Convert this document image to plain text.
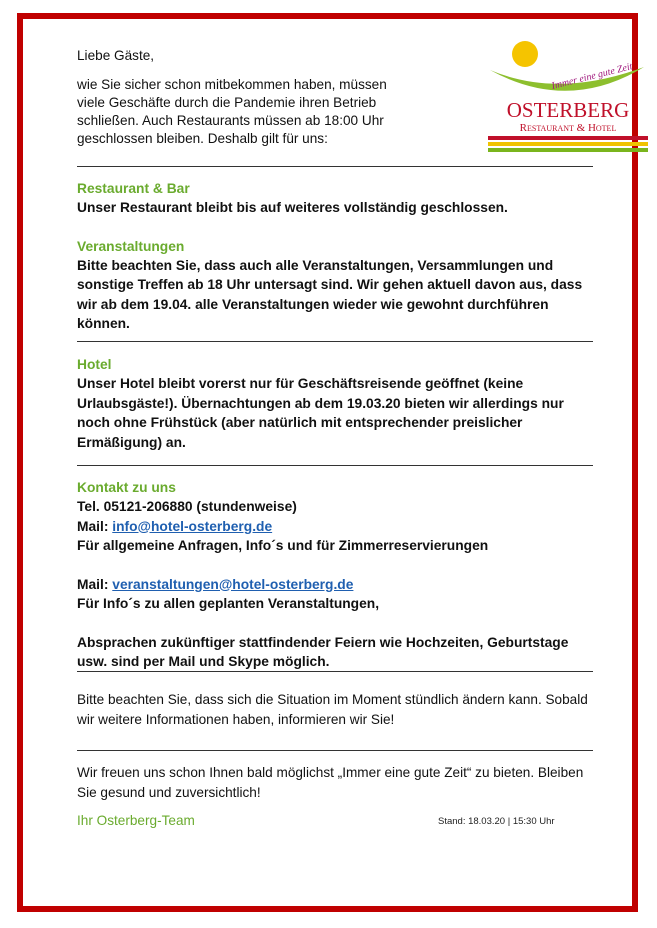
Liebe Gäste,

wie Sie sicher schon mitbekommen haben, müssen viele Geschäfte durch die Pandemie ihren Betrieb schließen. Auch Restaurants müssen ab 18:00 Uhr geschlossen bleiben. Deshalb gilt für uns:

Immer eine gute Zeit
OSTERBERG
Restaurant & Hotel

Restaurant & Bar

Unser Restaurant bleibt bis auf weiteres vollständig geschlossen.

Veranstaltungen

Bitte beachten Sie, dass auch alle Veranstaltungen, Versammlungen und sonstige Treffen ab 18 Uhr untersagt sind. Wir gehen aktuell davon aus, dass wir ab dem 19.04. alle Veranstaltungen wieder wie gewohnt durchführen können.

Hotel

Unser Hotel bleibt vorerst nur für Geschäftsreisende geöffnet (keine Urlaubsgäste!). Übernachtungen ab dem 19.03.20 bieten wir allerdings nur noch ohne Frühstück (aber natürlich mit entsprechender preislicher Ermäßigung) an.

Kontakt zu uns

Tel. 05121-206880 (stundenweise)

Mail: info@hotel-osterberg.de

Für allgemeine Anfragen, Info´s und für Zimmerreservierungen

Mail: veranstaltungen@hotel-osterberg.de

Für Info´s zu allen geplanten Veranstaltungen,

Absprachen zukünftiger stattfindender Feiern wie Hochzeiten, Geburtstage usw. sind per Mail und Skype möglich.

Bitte beachten Sie, dass sich die Situation im Moment stündlich ändern kann. Sobald wir weitere Informationen haben, informieren wir Sie!

Wir freuen uns schon Ihnen bald möglichst „Immer eine gute Zeit“ zu bieten. Bleiben Sie gesund und zuversichtlich!

Ihr Osterberg-Team	Stand: 18.03.20 | 15:30 Uhr
